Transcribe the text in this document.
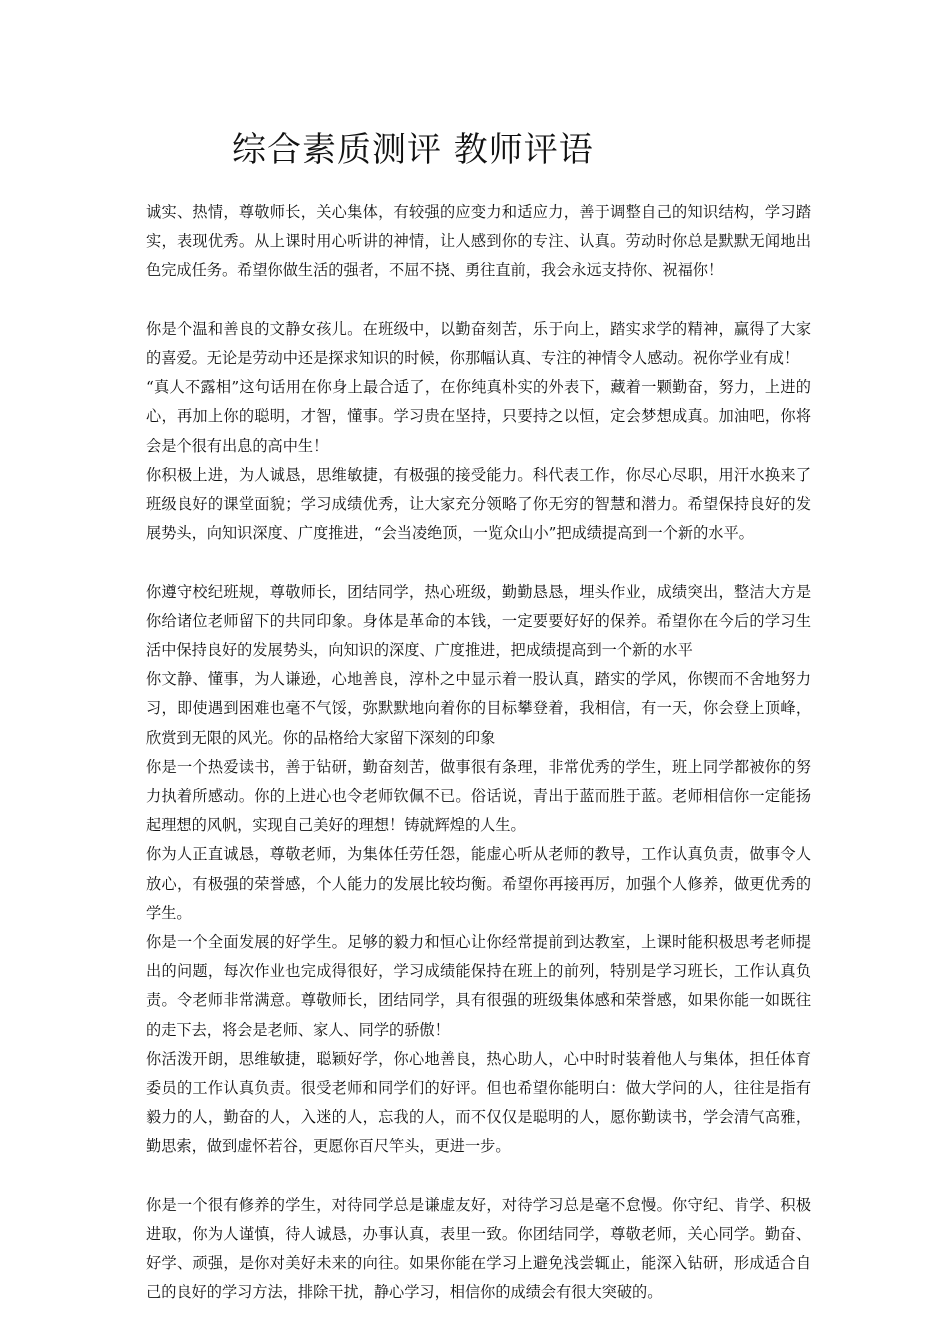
综合素质测评 教师评语

诚实、热情，尊敬师长，关心集体，有较强的应变力和适应力，善于调整自己的知识结构，学习踏实，表现优秀。从上课时用心听讲的神情，让人感到你的专注、认真。劳动时你总是默默无闻地出色完成任务。希望你做生活的强者，不屈不挠、勇往直前，我会永远支持你、祝福你！

你是个温和善良的文静女孩儿。在班级中，以勤奋刻苦，乐于向上，踏实求学的精神，赢得了大家的喜爱。无论是劳动中还是探求知识的时候，你那幅认真、专注的神情令人感动。祝你学业有成！

“真人不露相”这句话用在你身上最合适了，在你纯真朴实的外表下，藏着一颗勤奋，努力，上进的心，再加上你的聪明，才智，懂事。学习贵在坚持，只要持之以恒，定会梦想成真。加油吧，你将会是个很有出息的高中生！

你积极上进，为人诚恳，思维敏捷，有极强的接受能力。科代表工作，你尽心尽职，用汗水换来了班级良好的课堂面貌；学习成绩优秀，让大家充分领略了你无穷的智慧和潜力。希望保持良好的发展势头，向知识深度、广度推进，“会当凌绝顶，一览众山小”把成绩提高到一个新的水平。

你遵守校纪班规，尊敬师长，团结同学，热心班级，勤勤恳恳，埋头作业，成绩突出，整洁大方是你给诸位老师留下的共同印象。身体是革命的本钱，一定要要好好的保养。希望你在今后的学习生活中保持良好的发展势头，向知识的深度、广度推进，把成绩提高到一个新的水平

你文静、懂事，为人谦逊，心地善良，淳朴之中显示着一股认真，踏实的学风，你锲而不舍地努力习，即使遇到困难也毫不气馁，弥默默地向着你的目标攀登着，我相信，有一天，你会登上顶峰，欣赏到无限的风光。你的品格给大家留下深刻的印象

你是一个热爱读书，善于钻研，勤奋刻苦，做事很有条理，非常优秀的学生，班上同学都被你的努力执着所感动。你的上进心也令老师钦佩不已。俗话说，青出于蓝而胜于蓝。老师相信你一定能扬起理想的风帆，实现自己美好的理想！铸就辉煌的人生。

你为人正直诚恳，尊敬老师，为集体任劳任怨，能虚心听从老师的教导，工作认真负责，做事令人放心，有极强的荣誉感，个人能力的发展比较均衡。希望你再接再厉，加强个人修养，做更优秀的学生。

你是一个全面发展的好学生。足够的毅力和恒心让你经常提前到达教室，上课时能积极思考老师提出的问题，每次作业也完成得很好，学习成绩能保持在班上的前列，特别是学习班长，工作认真负责。令老师非常满意。尊敬师长，团结同学，具有很强的班级集体感和荣誉感，如果你能一如既往的走下去，将会是老师、家人、同学的骄傲！

你活泼开朗，思维敏捷，聪颖好学，你心地善良，热心助人，心中时时装着他人与集体，担任体育委员的工作认真负责。很受老师和同学们的好评。但也希望你能明白：做大学问的人，往往是指有毅力的人，勤奋的人，入迷的人，忘我的人，而不仅仅是聪明的人，愿你勤读书，学会清气高雅，勤思索，做到虚怀若谷，更愿你百尺竿头，更进一步。

你是一个很有修养的学生，对待同学总是谦虚友好，对待学习总是毫不怠慢。你守纪、肯学、积极进取，你为人谨慎，待人诚恳，办事认真，表里一致。你团结同学，尊敬老师，关心同学。勤奋、好学、顽强，是你对美好未来的向往。如果你能在学习上避免浅尝辄止，能深入钻研，形成适合自己的良好的学习方法，排除干扰，静心学习，相信你的成绩会有很大突破的。
